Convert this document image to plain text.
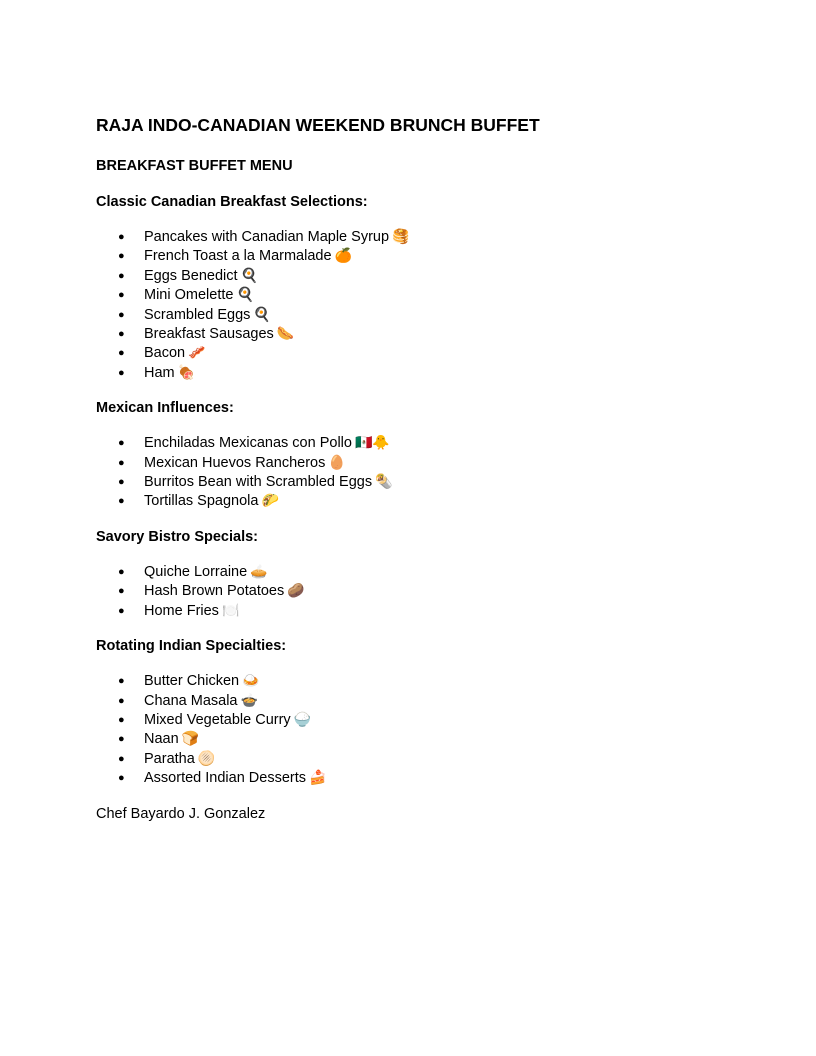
RAJA INDO-CANADIAN WEEKEND BRUNCH BUFFET
BREAKFAST BUFFET MENU
Classic Canadian Breakfast Selections:
● Pancakes with Canadian Maple Syrup 🥞
● French Toast a la Marmalade 🍊
● Eggs Benedict 🍳
● Mini Omelette 🍳
● Scrambled Eggs 🍳
● Breakfast Sausages 🌭
● Bacon 🥓
● Ham 🍖
Mexican Influences:
● Enchiladas Mexicanas con Pollo 🇲🇽🐥
● Mexican Huevos Rancheros 🥚
● Burritos Bean with Scrambled Eggs 🌯
● Tortillas Spagnola 🌮
Savory Bistro Specials:
● Quiche Lorraine 🥧
● Hash Brown Potatoes 🥔
● Home Fries 🍽️
Rotating Indian Specialties:
● Butter Chicken 🍛
● Chana Masala 🍲
● Mixed Vegetable Curry 🍚
● Naan 🍞
● Paratha 🫓
● Assorted Indian Desserts 🍰
Chef Bayardo J. Gonzalez
